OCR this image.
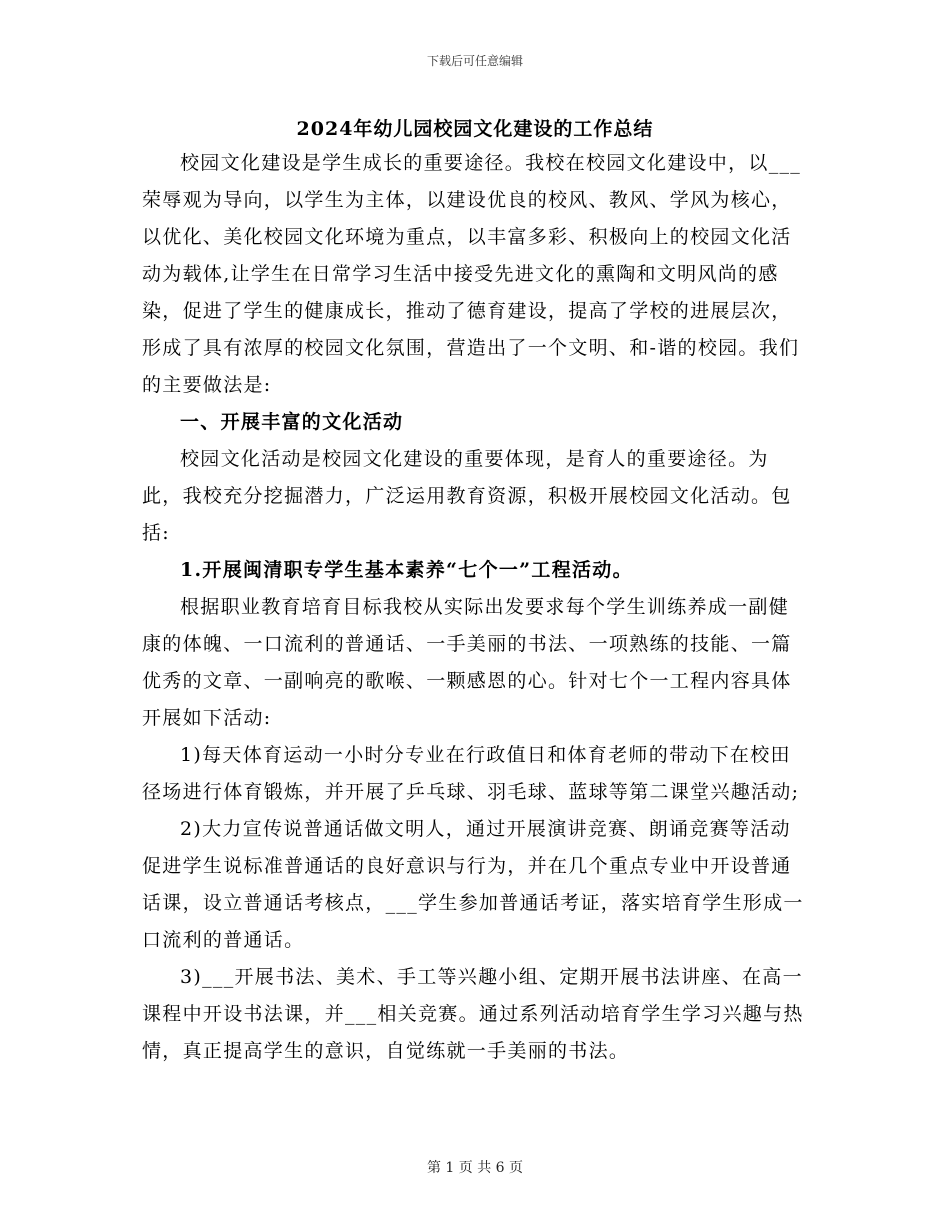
下载后可任意编辑
2024年幼儿园校园文化建设的工作总结

校园文化建设是学生成长的重要途径。我校在校园文化建设中，以___荣辱观为导向，以学生为主体，以建设优良的校风、教风、学风为核心，以优化、美化校园文化环境为重点，以丰富多彩、积极向上的校园文化活动为载体,让学生在日常学习生活中接受先进文化的熏陶和文明风尚的感染，促进了学生的健康成长，推动了德育建设，提高了学校的进展层次，形成了具有浓厚的校园文化氛围，营造出了一个文明、和-谐的校园。我们的主要做法是:

一、开展丰富的文化活动

校园文化活动是校园文化建设的重要体现，是育人的重要途径。为此，我校充分挖掘潜力，广泛运用教育资源，积极开展校园文化活动。包括:

1.开展闽清职专学生基本素养“七个一”工程活动。

根据职业教育培育目标我校从实际出发要求每个学生训练养成一副健康的体魄、一口流利的普通话、一手美丽的书法、一项熟练的技能、一篇优秀的文章、一副响亮的歌喉、一颗感恩的心。针对七个一工程内容具体开展如下活动:

1)每天体育运动一小时分专业在行政值日和体育老师的带动下在校田径场进行体育锻炼，并开展了乒乓球、羽毛球、蓝球等第二课堂兴趣活动;

2)大力宣传说普通话做文明人，通过开展演讲竞赛、朗诵竞赛等活动促进学生说标准普通话的良好意识与行为，并在几个重点专业中开设普通话课，设立普通话考核点，___学生参加普通话考证，落实培育学生形成一口流利的普通话。

3)___开展书法、美术、手工等兴趣小组、定期开展书法讲座、在高一课程中开设书法课，并___相关竞赛。通过系列活动培育学生学习兴趣与热情，真正提高学生的意识，自觉练就一手美丽的书法。

第 1 页 共 6 页
